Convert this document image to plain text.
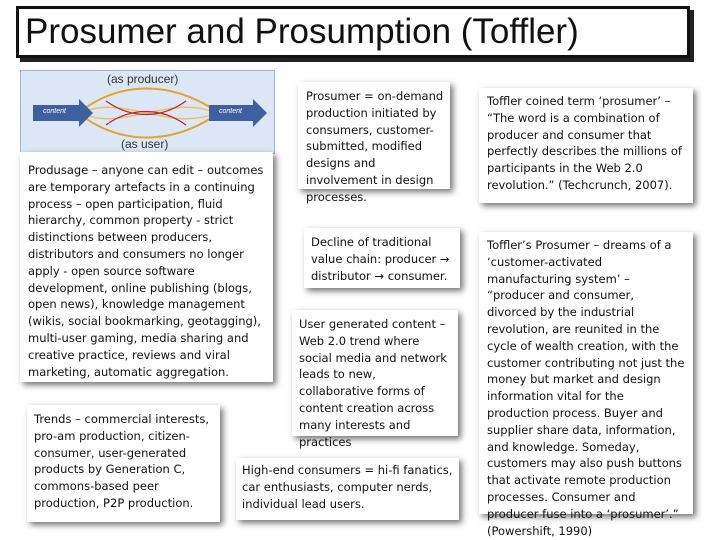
Prosumer and Prosumption (Toffler)
(as producer)
(as user)
content	content
Produsage – anyone can edit – outcomes are temporary artefacts in a continuing process – open participation, fluid hierarchy, common property - strict distinctions between producers, distributors and consumers no longer apply - open source software development, online publishing (blogs, open news), knowledge management (wikis, social bookmarking, geotagging), multi-user gaming, media sharing and creative practice, reviews and viral marketing, automatic aggregation.
Trends – commercial interests, pro-am production, citizen-consumer, user-generated products by Generation C, commons-based peer production, P2P production.
Prosumer = on-demand production initiated by consumers, customer-submitted, modified designs and involvement in design processes.
Decline of traditional value chain: producer → distributor → consumer.
User generated content – Web 2.0 trend where social media and network leads to new, collaborative forms of content creation across many interests and practices
High-end consumers = hi-fi fanatics, car enthusiasts, computer nerds, individual lead users.
Toffler coined term ‘prosumer’ – “The word is a combination of producer and consumer that perfectly describes the millions of participants in the Web 2.0 revolution.” (Techcrunch, 2007).
Toffler’s Prosumer – dreams of a ‘customer-activated manufacturing system’ – “producer and consumer, divorced by the industrial revolution, are reunited in the cycle of wealth creation, with the customer contributing not just the money but market and design information vital for the production process. Buyer and supplier share data, information, and knowledge. Someday, customers may also push buttons that activate remote production processes. Consumer and producer fuse into a ‘prosumer’.” (Powershift, 1990)
